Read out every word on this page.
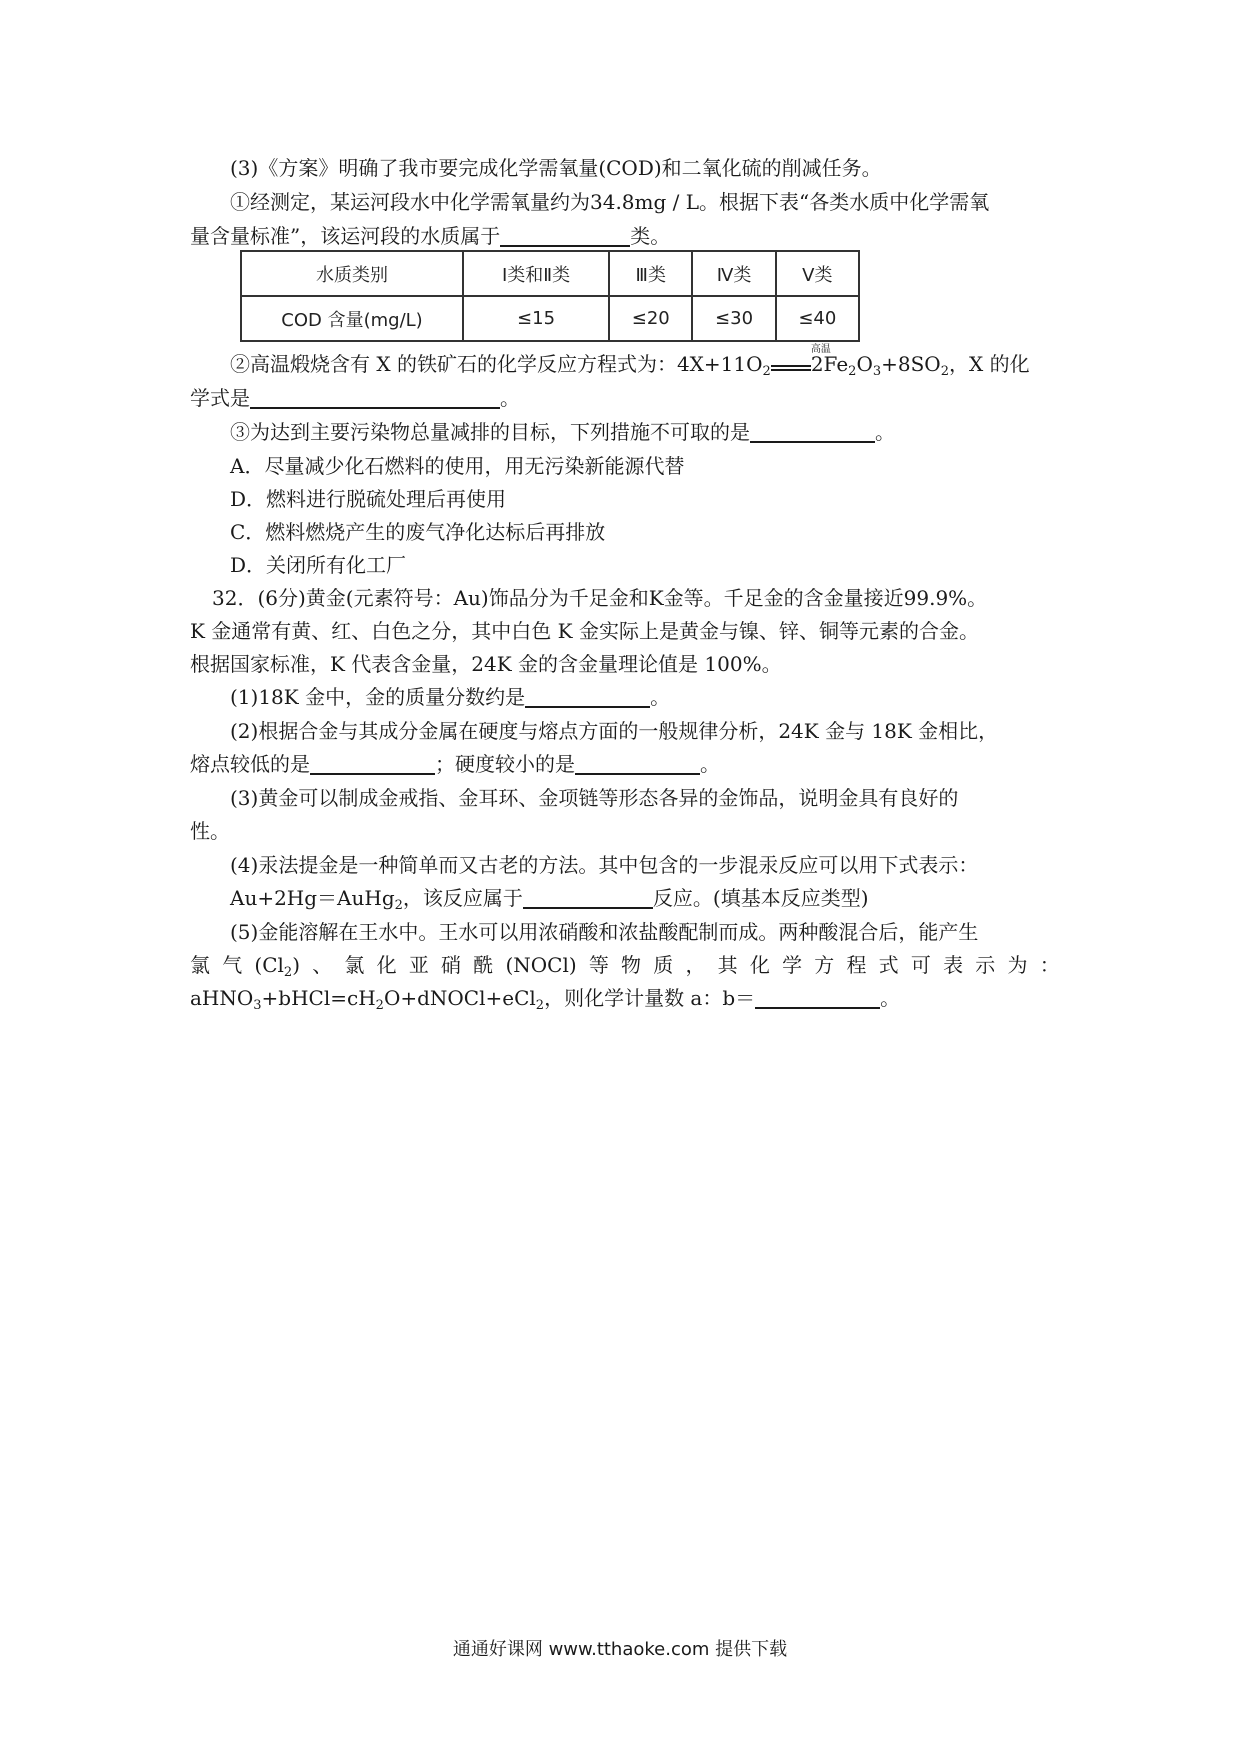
(3)《方案》明确了我市要完成化学需氧量(COD)和二氧化硫的削减任务。
①经测定，某运河段水中化学需氧量约为34.8mg / L。根据下表“各类水质中化学需氧
量含量标准”，该运河段的水质属于	类。
水质类别	Ⅰ类和Ⅱ类	Ⅲ类	Ⅳ类	Ⅴ类
COD 含量(mg/L)	≤15	≤20	≤30	≤40
②高温煅烧含有 X 的铁矿石的化学反应方程式为：$4X+11O_2$
高温
$2Fe_2O_3+8SO_2$，X 的化
学式是	。
③为达到主要污染物总量减排的目标，下列措施不可取的是	。
A．尽量减少化石燃料的使用，用无污染新能源代替
D．燃料进行脱硫处理后再使用
C．燃料燃烧产生的废气净化达标后再排放
D．关闭所有化工厂
32．(6分)黄金(元素符号：Au)饰品分为千足金和K金等。千足金的含金量接近99.9%。
K 金通常有黄、红、白色之分，其中白色 K 金实际上是黄金与镍、锌、铜等元素的合金。
根据国家标准，K 代表含金量，24K 金的含金量理论值是 100%。
(1)18K 金中，金的质量分数约是	。
(2)根据合金与其成分金属在硬度与熔点方面的一般规律分析，24K 金与 18K 金相比，
熔点较低的是	；硬度较小的是	。
(3)黄金可以制成金戒指、金耳环、金项链等形态各异的金饰品，说明金具有良好的
性。
(4)汞法提金是一种简单而又古老的方法。其中包含的一步混汞反应可以用下式表示：
Au+2Hg＝AuHg$_2$，该反应属于	反应。(填基本反应类型)
(5)金能溶解在王水中。王水可以用浓硝酸和浓盐酸配制而成。两种酸混合后，能产生
氯 气 $(Cl_2)$ 、 氯 化 亚 硝 酰 (NOCl) 等 物 质 ， 其 化 学 方 程 式 可 表 示 为 ：
$aHNO_3+bHCl=cH_2O+dNOCl+eCl_2$，则化学计量数 a：b＝	。
通通好课网 www.tthaoke.com 提供下载
